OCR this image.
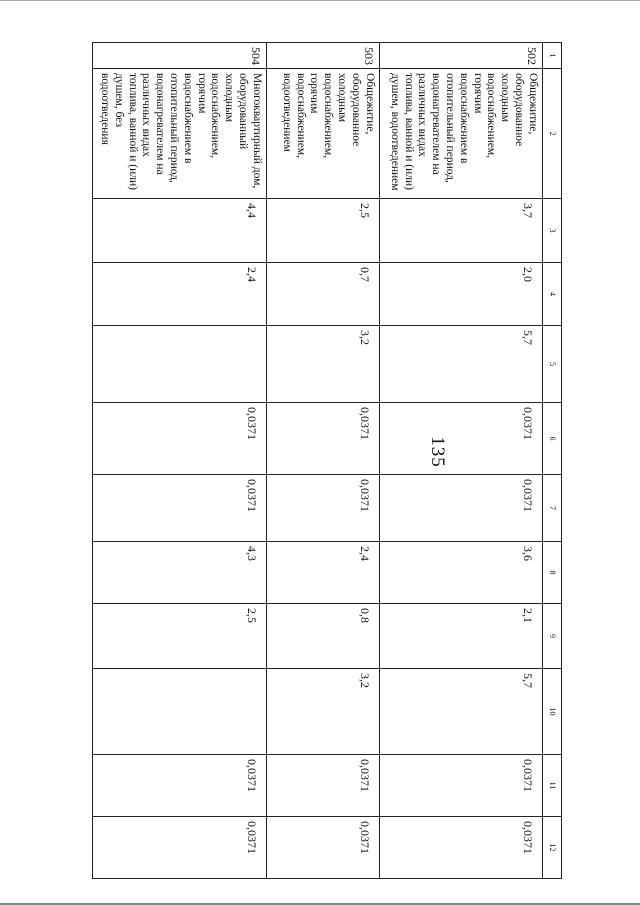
135
1	2	3	4	5	6	7	8	9	10	11	12
502	Общежитие, оборудованное холодным водоснабжением, горячим водоснабжением в отопительный период, водонагревателем на различных видах топлива, ванной и (или) душем, водоотведением	3,7	2,0	5,7	0,0371	0,0371	3,6	2,1	5,7	0,0371	0,0371
503	Общежитие, оборудованное холодным водоснабжением, горячим водоснабжением, водоотведением	2,5	0,7	3,2	0,0371	0,0371	2,4	0,8	3,2	0,0371	0,0371
504	Многоквартирный дом, оборудованный холодным водоснабжением, горячим водоснабжением в отопительный период, водонагревателем на различных видах топлива, ванной и (или) душем, без водоотведения	4,4	2,4		0,0371	0,0371	4,3	2,5		0,0371	0,0371
